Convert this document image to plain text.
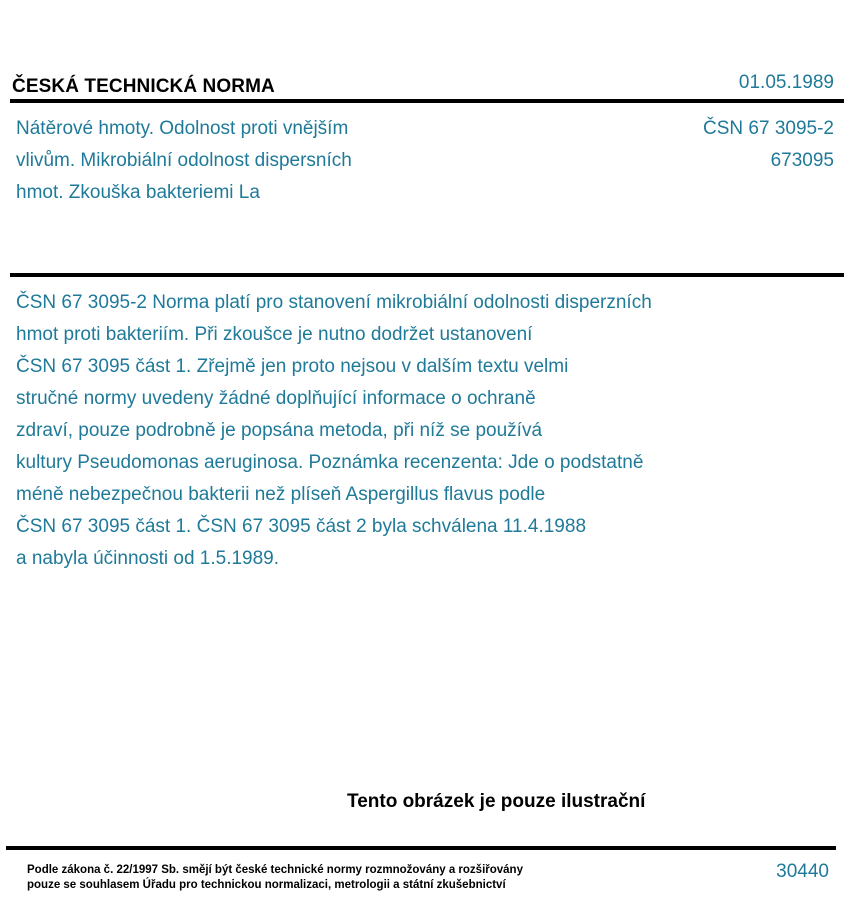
ČESKÁ TECHNICKÁ NORMA	01.05.1989
Nátěrové hmoty. Odolnost proti vnějším
vlivům. Mikrobiální odolnost dispersních
hmot. Zkouška bakteriemi La
ČSN 67 3095-2
673095
ČSN 67 3095-2 Norma platí pro stanovení mikrobiální odolnosti disperzních
hmot proti bakteriím. Při zkoušce je nutno dodržet ustanovení
ČSN 67 3095 část 1. Zřejmě jen proto nejsou v dalším textu velmi
stručné normy uvedeny žádné doplňující informace o ochraně
zdraví, pouze podrobně je popsána metoda, při níž se používá
kultury Pseudomonas aeruginosa. Poznámka recenzenta: Jde o podstatně
méně nebezpečnou bakterii než plíseň Aspergillus flavus podle
ČSN 67 3095 část 1. ČSN 67 3095 část 2 byla schválena 11.4.1988
a nabyla účinnosti od 1.5.1989.
Tento obrázek je pouze ilustrační
Podle zákona č. 22/1997 Sb. smějí být české technické normy rozmnožovány a rozšiřovány
pouze se souhlasem Úřadu pro technickou normalizaci, metrologii a státní zkušebnictví
30440
